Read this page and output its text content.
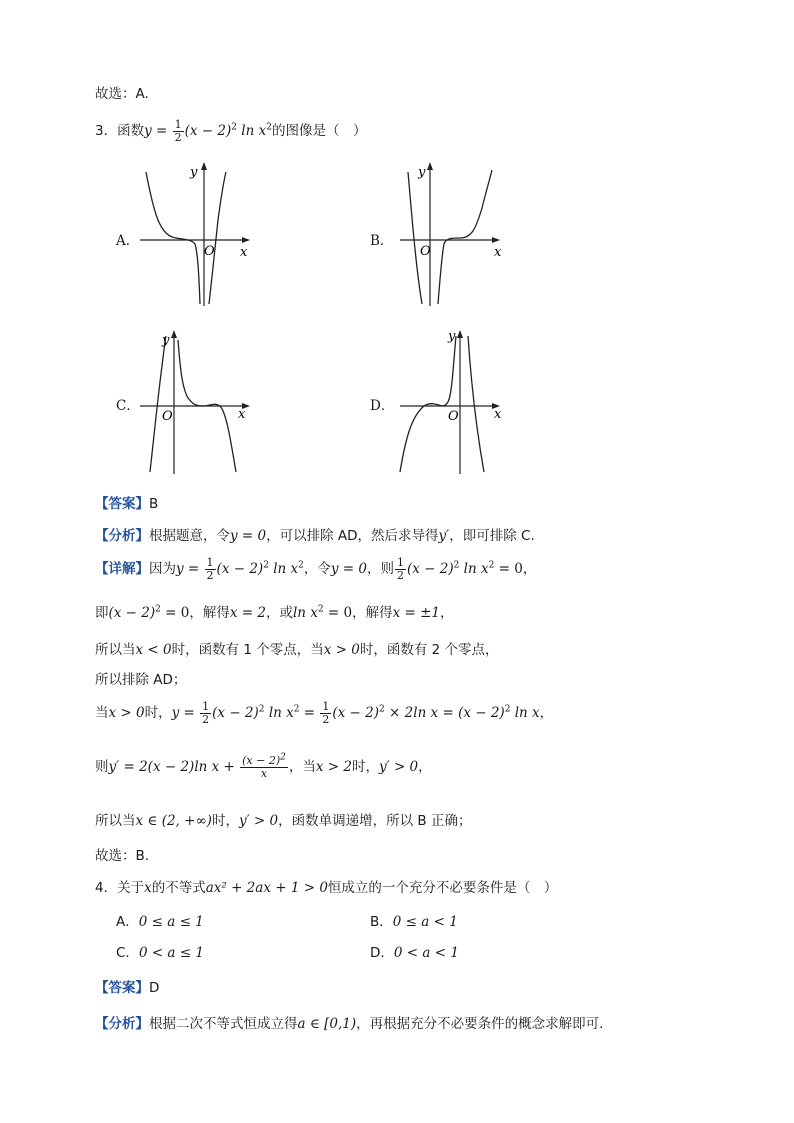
故选：A.
3．函数$y = \frac{1}{2} (x - 2)^2$ $\ln x^2$的图像是（　）
A．	B．
C．	D．
y
x
O
y
x
O
y
x
O
y
x
O
【答案】B
【分析】根据题意，令y = 0，可以排除 AD，然后求导得y′，即可排除 C.
【详解】因为$y = \frac{1}{2} (x - 2)^2$ $\ln x^2$，令y = 0，则 $\frac{1}{2} (x - 2)^2$ $\ln x^2 = 0$，
即$(x - 2)^2 = 0$，解得x = 2，或$\ln x^2 = 0$，解得x = ±1，
所以当x < 0时，函数有 1 个零点，当x > 0时，函数有 2 个零点，
所以排除 AD；
当x > 0时，$y = \frac{1}{2} (x - 2)^2$ $\ln x^2 = \frac{1}{2} (x - 2)^2 \times 2\ln$ $x = (x - 2)^2$ ln x，
则y′ = 2(x − 2)ln $x + \frac{(x - 2)^2}{x}$ ，当x > 2时，y′ > 0，
所以当x ∈ (2, +∞)时，y′ > 0，函数单调递增，所以 B 正确；
故选：B.
4．关于x的不等式ax² + 2ax + 1 > 0恒成立的一个充分不必要条件是（　）
A．0 ≤ a ≤ 1	B．0 ≤ a < 1
C．0 < a ≤ 1	D．0 < a < 1
【答案】D
【分析】根据二次不等式恒成立得a ∈ [0,1)，再根据充分不必要条件的概念求解即可.
